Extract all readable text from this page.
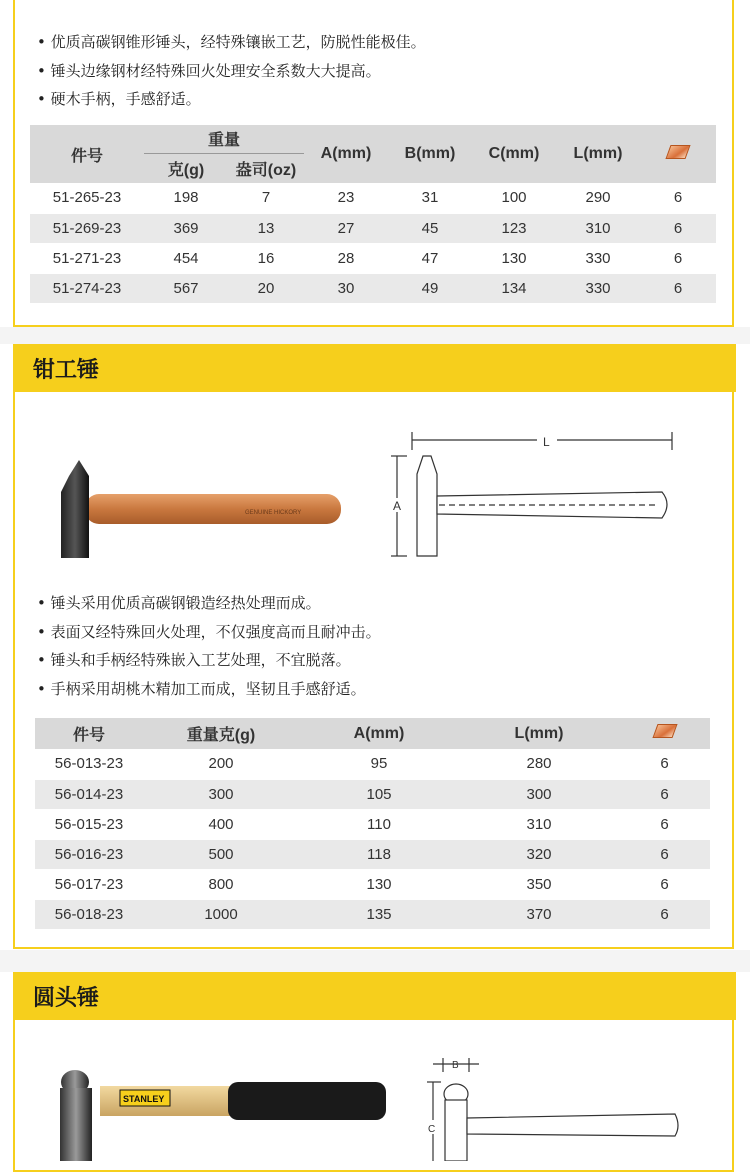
• 优质高碳钢锥形锤头，经特殊镶嵌工艺，防脱性能极佳。
• 锤头边缘钢材经特殊回火处理安全系数大大提高。
• 硬木手柄，手感舒适。
件号	重量		A(mm)	B(mm)	C(mm)	L(mm)	
	克(g)	盎司(oz)					
51-265-23	198	7	23	31	100	290	6
51-269-23	369	13	27	45	123	310	6
51-271-23	454	16	28	47	130	330	6
51-274-23	567	20	30	49	134	330	6
钳工锤
GENUINE HICKORY
L
A
• 锤头采用优质高碳钢锻造经热处理而成。
• 表面又经特殊回火处理，不仅强度高而且耐冲击。
• 锤头和手柄经特殊嵌入工艺处理，不宜脱落。
• 手柄采用胡桃木精加工而成，坚韧且手感舒适。
件号	重量克(g)	A(mm)	L(mm)	
56-013-23	200	95	280	6
56-014-23	300	105	300	6
56-015-23	400	110	310	6
56-016-23	500	118	320	6
56-017-23	800	130	350	6
56-018-23	1000	135	370	6
圆头锤
STANLEY
B
C
